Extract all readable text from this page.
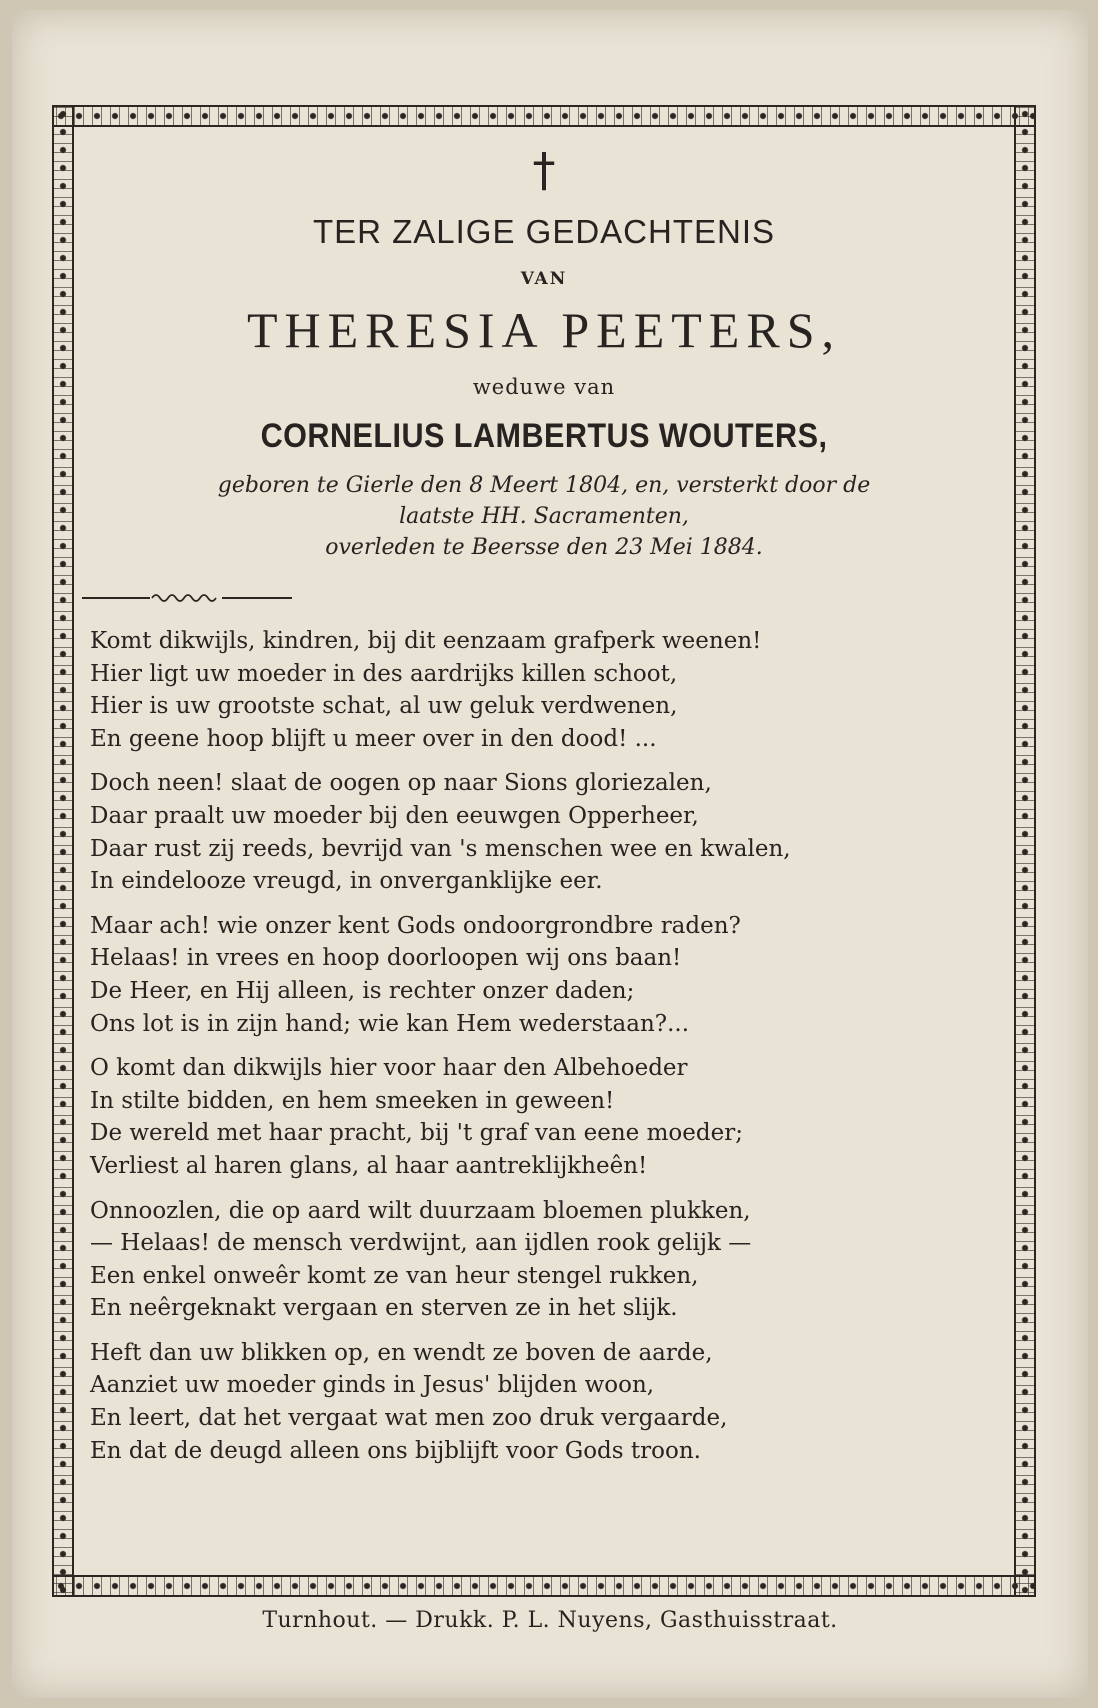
†
TER ZALIGE GEDACHTENIS
VAN
THERESIA PEETERS,
weduwe van
CORNELIUS LAMBERTUS WOUTERS,
geboren te Gierle den 8 Meert 1804, en, versterkt door de
laatste HH. Sacramenten,
overleden te Beersse den 23 Mei 1884.
Komt dikwijls, kindren, bij dit eenzaam grafperk weenen!
Hier ligt uw moeder in des aardrijks killen schoot,
Hier is uw grootste schat, al uw geluk verdwenen,
En geene hoop blijft u meer over in den dood! ...
Doch neen! slaat de oogen op naar Sions gloriezalen,
Daar praalt uw moeder bij den eeuwgen Opperheer,
Daar rust zij reeds, bevrijd van 's menschen wee en kwalen,
In eindelooze vreugd, in onverganklijke eer.
Maar ach! wie onzer kent Gods ondoorgrondbre raden?
Helaas! in vrees en hoop doorloopen wij ons baan!
De Heer, en Hij alleen, is rechter onzer daden;
Ons lot is in zijn hand; wie kan Hem wederstaan?...
O komt dan dikwijls hier voor haar den Albehoeder
In stilte bidden, en hem smeeken in geween!
De wereld met haar pracht, bij 't graf van eene moeder;
Verliest al haren glans, al haar aantreklijkheên!
Onnoozlen, die op aard wilt duurzaam bloemen plukken,
— Helaas! de mensch verdwijnt, aan ijdlen rook gelijk —
Een enkel onweêr komt ze van heur stengel rukken,
En neêrgeknakt vergaan en sterven ze in het slijk.
Heft dan uw blikken op, en wendt ze boven de aarde,
Aanziet uw moeder ginds in Jesus' blijden woon,
En leert, dat het vergaat wat men zoo druk vergaarde,
En dat de deugd alleen ons bijblijft voor Gods troon.
Turnhout. — Drukk. P. L. Nuyens, Gasthuisstraat.
